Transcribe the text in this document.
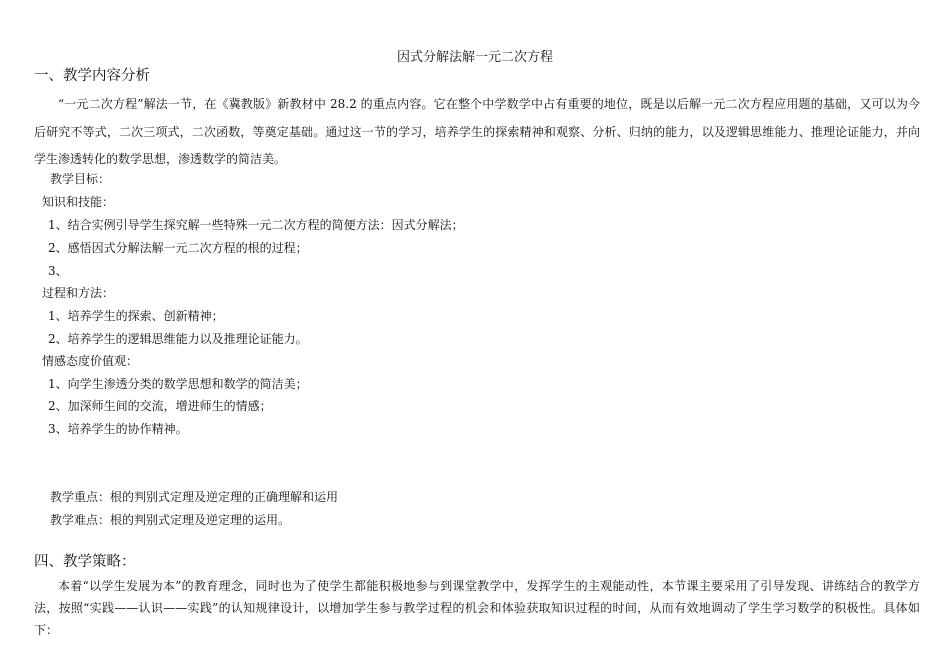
因式分解法解一元二次方程
一、教学内容分析
“一元二次方程”解法一节，在《冀教版》新教材中 28.2 的重点内容。它在整个中学数学中占有重要的地位，既是以后解一元二次方程应用题的基础，又可以为今后研究不等式，二次三项式，二次函数，等奠定基础。通过这一节的学习，培养学生的探索精神和观察、分析、归纳的能力，以及逻辑思维能力、推理论证能力，并向学生渗透转化的数学思想，渗透数学的简洁美。
教学目标：
知识和技能：
1、结合实例引导学生探究解一些特殊一元二次方程的简便方法：因式分解法；
2、感悟因式分解法解一元二次方程的根的过程；
3、
过程和方法：
1、培养学生的探索、创新精神；
2、培养学生的逻辑思维能力以及推理论证能力。
情感态度价值观：
1、向学生渗透分类的数学思想和数学的简洁美；
2、加深师生间的交流，增进师生的情感；
3、培养学生的协作精神。
教学重点：根的判别式定理及逆定理的正确理解和运用
教学难点：根的判别式定理及逆定理的运用。
四、教学策略：
本着“以学生发展为本”的教育理念，同时也为了使学生都能积极地参与到课堂教学中，发挥学生的主观能动性，本节课主要采用了引导发现、讲练结合的教学方法，按照“实践——认识——实践”的认知规律设计，以增加学生参与教学过程的机会和体验获取知识过程的时间，从而有效地调动了学生学习数学的积极性。具体如下：
